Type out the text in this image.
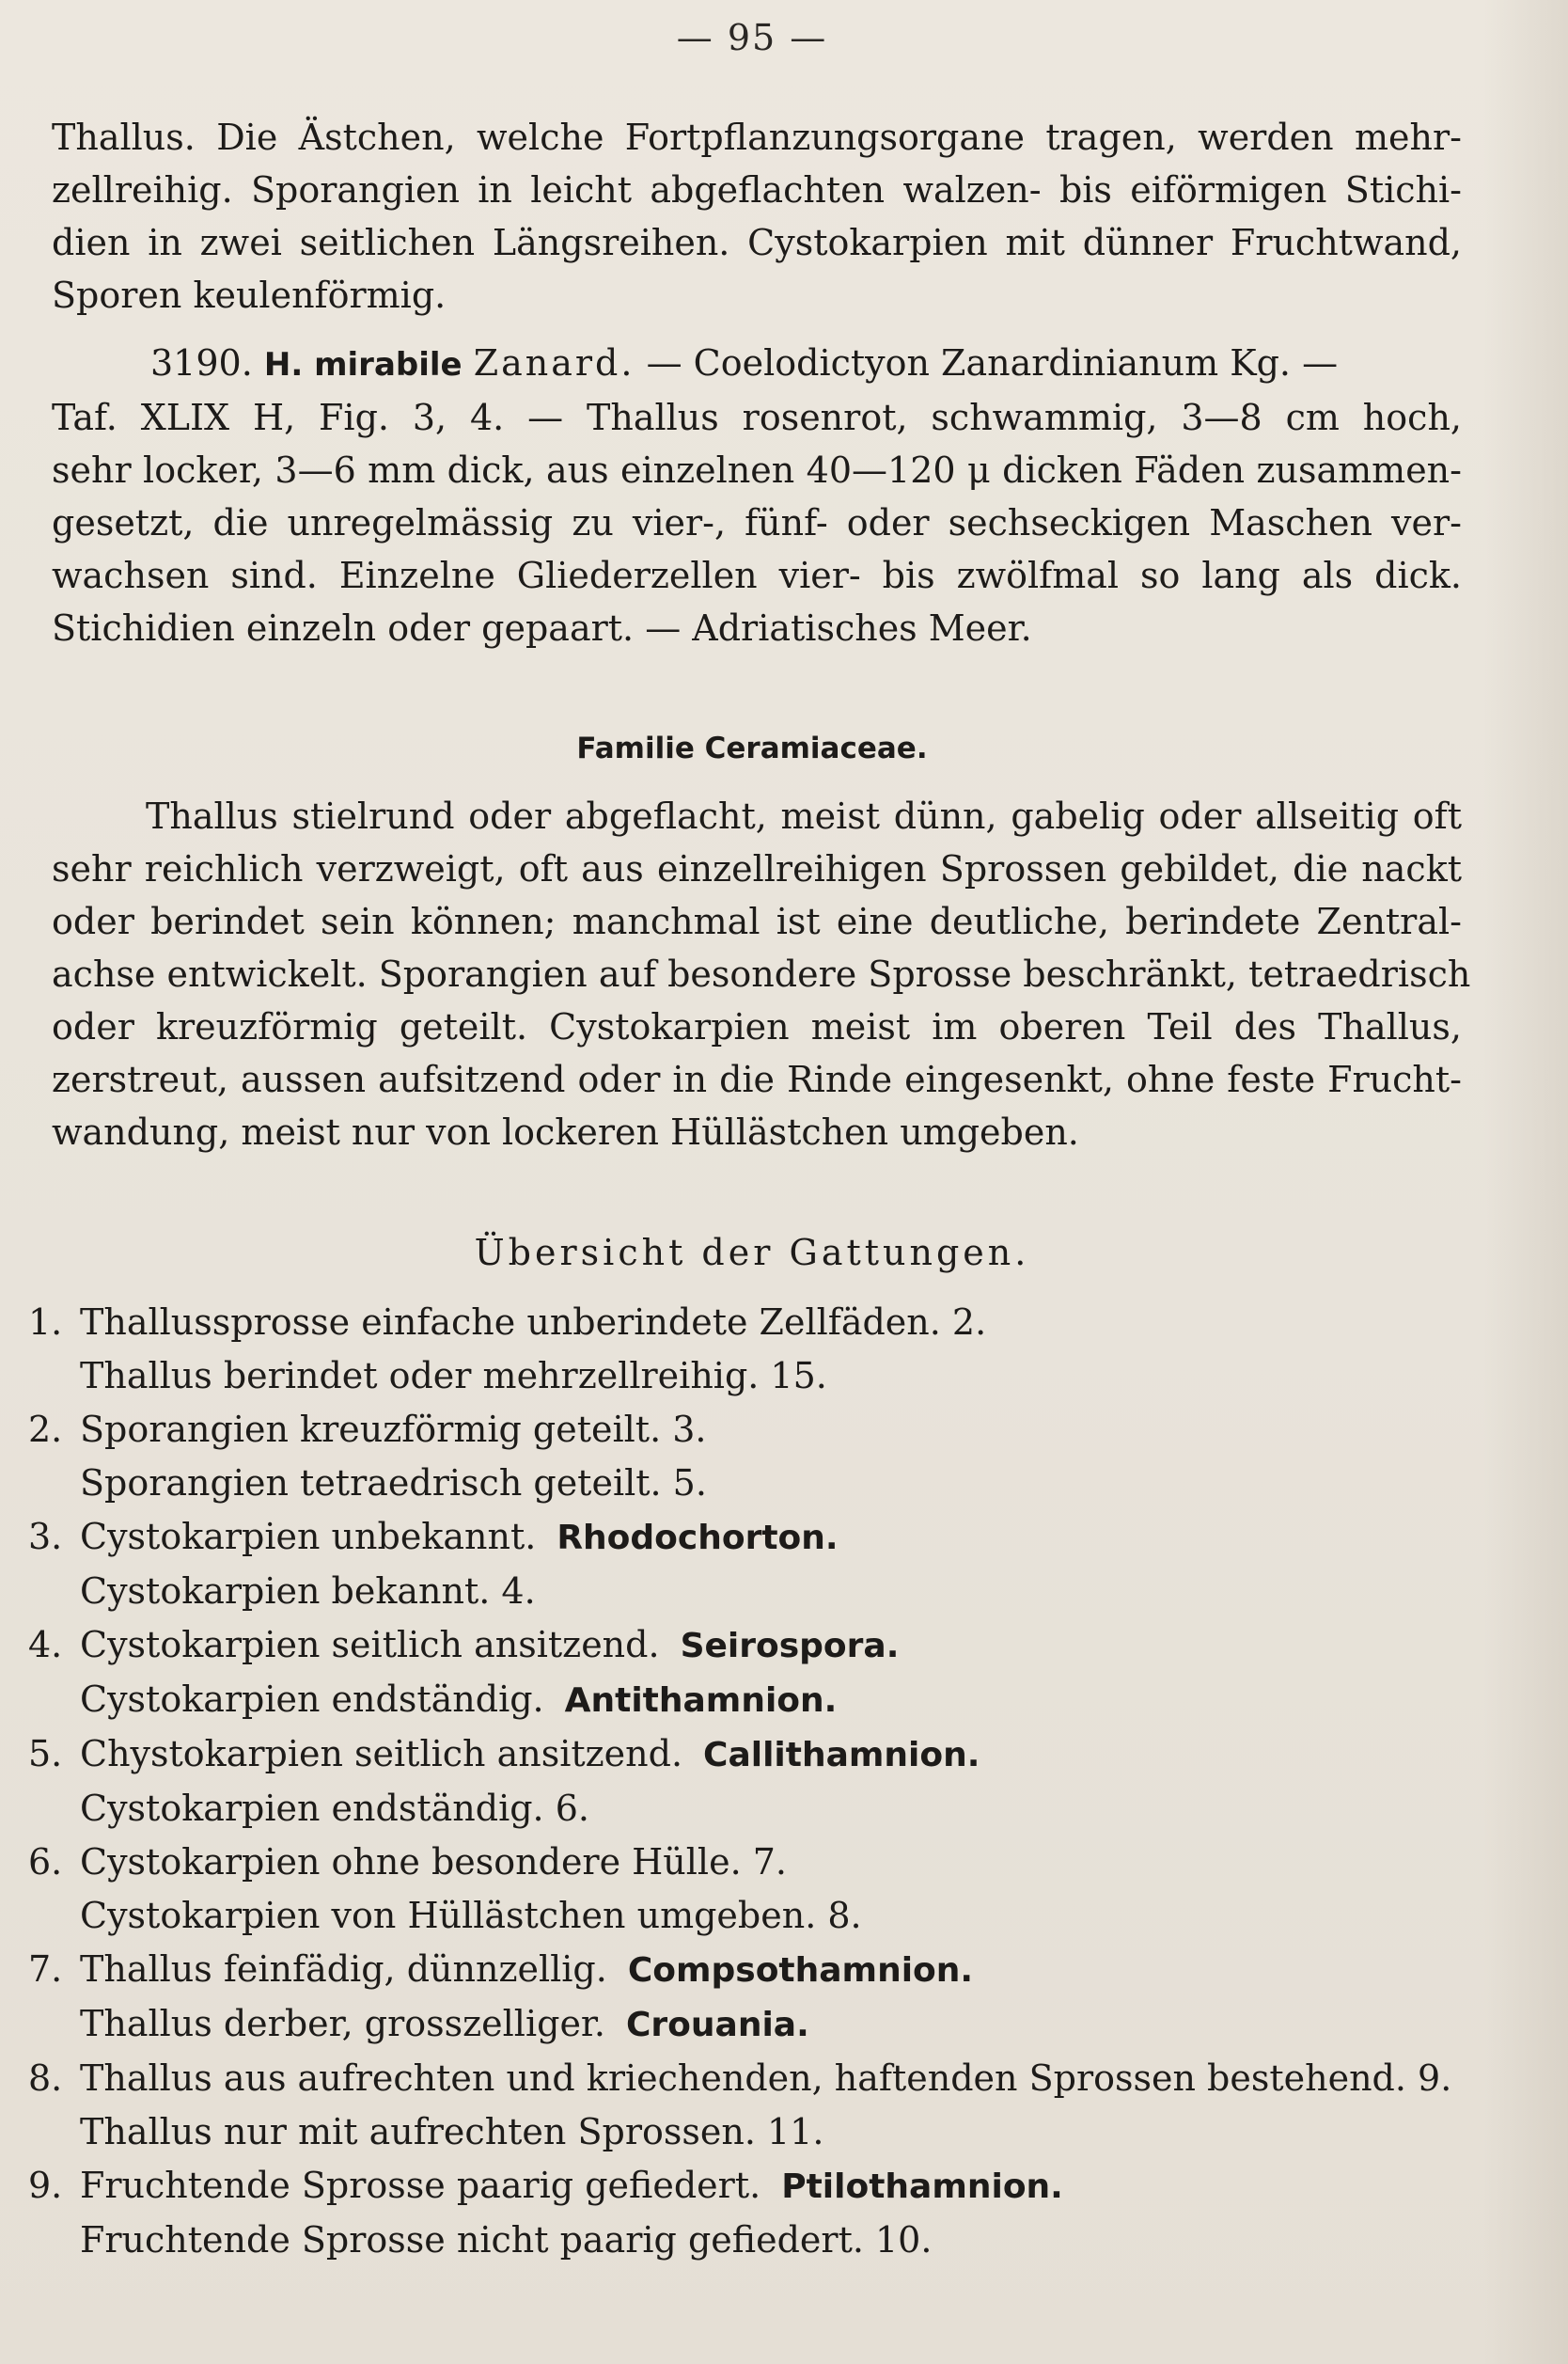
— 95 —
Thallus. Die Ästchen, welche Fortpflanzungsorgane tragen, werden mehr-
zellreihig. Sporangien in leicht abgeflachten walzen- bis eiförmigen Stichi-
dien in zwei seitlichen Längsreihen. Cystokarpien mit dünner Fruchtwand,
Sporen keulenförmig.
3190. H. mirabile Zanard. — Coelodictyon Zanardinianum Kg. —
Taf. XLIX H, Fig. 3, 4. — Thallus rosenrot, schwammig, 3—8 cm hoch,
sehr locker, 3—6 mm dick, aus einzelnen 40—120 μ dicken Fäden zusammen-
gesetzt, die unregelmässig zu vier-, fünf- oder sechseckigen Maschen ver-
wachsen sind. Einzelne Gliederzellen vier- bis zwölfmal so lang als dick.
Stichidien einzeln oder gepaart. — Adriatisches Meer.
Familie Ceramiaceae.
Thallus stielrund oder abgeflacht, meist dünn, gabelig oder allseitig oft
sehr reichlich verzweigt, oft aus einzellreihigen Sprossen gebildet, die nackt
oder berindet sein können; manchmal ist eine deutliche, berindete Zentral-
achse entwickelt. Sporangien auf besondere Sprosse beschränkt, tetraedrisch
oder kreuzförmig geteilt. Cystokarpien meist im oberen Teil des Thallus,
zerstreut, aussen aufsitzend oder in die Rinde eingesenkt, ohne feste Frucht-
wandung, meist nur von lockeren Hüllästchen umgeben.
Übersicht der Gattungen.
1. Thallussprosse einfache unberindete Zellfäden. 2.
Thallus berindet oder mehrzellreihig. 15.
2. Sporangien kreuzförmig geteilt. 3.
Sporangien tetraedrisch geteilt. 5.
3. Cystokarpien unbekannt. Rhodochorton.
Cystokarpien bekannt. 4.
4. Cystokarpien seitlich ansitzend. Seirospora.
Cystokarpien endständig. Antithamnion.
5. Chystokarpien seitlich ansitzend. Callithamnion.
Cystokarpien endständig. 6.
6. Cystokarpien ohne besondere Hülle. 7.
Cystokarpien von Hüllästchen umgeben. 8.
7. Thallus feinfädig, dünnzellig. Compsothamnion.
Thallus derber, grosszelliger. Crouania.
8. Thallus aus aufrechten und kriechenden, haftenden Sprossen bestehend. 9.
Thallus nur mit aufrechten Sprossen. 11.
9. Fruchtende Sprosse paarig gefiedert. Ptilothamnion.
Fruchtende Sprosse nicht paarig gefiedert. 10.
